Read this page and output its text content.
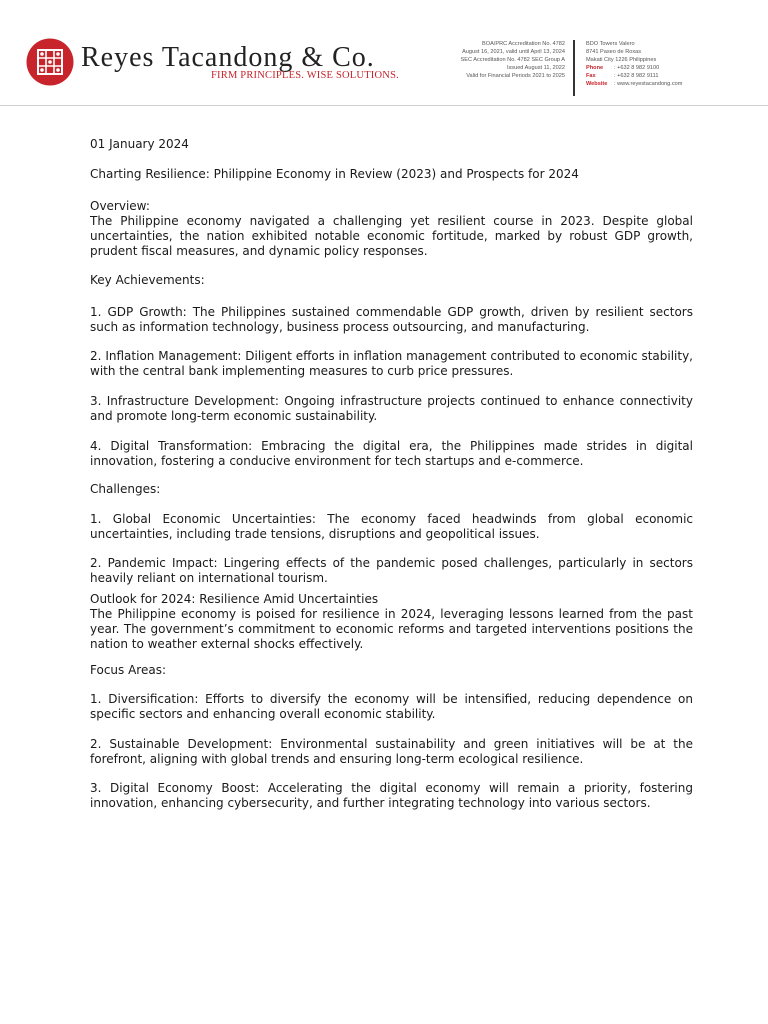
Reyes Tacandong & Co.
FIRM PRINCIPLES. WISE SOLUTIONS.
BOA/PRC Accreditation No. 4782
August 16, 2021, valid until April 13, 2024
SEC Accreditation No. 4782 SEC Group A
Issued August 11, 2022
Valid for Financial Periods 2021 to 2025
BDO Towers Valero
8741 Paseo de Roxas
Makati City 1226 Philippines
Phone	: +632 8 982 9100
Fax	: +632 8 982 9111
Website	: www.reyestacandong.com

01 January 2024

Charting Resilience: Philippine Economy in Review (2023) and Prospects for 2024

Overview:

The Philippine economy navigated a challenging yet resilient course in 2023. Despite global uncertainties, the nation exhibited notable economic fortitude, marked by robust GDP growth, prudent fiscal measures, and dynamic policy responses.

Key Achievements:

1. GDP Growth: The Philippines sustained commendable GDP growth, driven by resilient sectors such as information technology, business process outsourcing, and manufacturing.

2. Inflation Management: Diligent efforts in inflation management contributed to economic stability, with the central bank implementing measures to curb price pressures.

3. Infrastructure Development: Ongoing infrastructure projects continued to enhance connectivity and promote long-term economic sustainability.

4. Digital Transformation: Embracing the digital era, the Philippines made strides in digital innovation, fostering a conducive environment for tech startups and e-commerce.

Challenges:

1. Global Economic Uncertainties: The economy faced headwinds from global economic uncertainties, including trade tensions, disruptions and geopolitical issues.

2. Pandemic Impact: Lingering effects of the pandemic posed challenges, particularly in sectors heavily reliant on international tourism.

Outlook for 2024: Resilience Amid Uncertainties

The Philippine economy is poised for resilience in 2024, leveraging lessons learned from the past year. The government’s commitment to economic reforms and targeted interventions positions the nation to weather external shocks effectively.

Focus Areas:

1. Diversification: Efforts to diversify the economy will be intensified, reducing dependence on specific sectors and enhancing overall economic stability.

2. Sustainable Development: Environmental sustainability and green initiatives will be at the forefront, aligning with global trends and ensuring long-term ecological resilience.

3. Digital Economy Boost: Accelerating the digital economy will remain a priority, fostering innovation, enhancing cybersecurity, and further integrating technology into various sectors.
